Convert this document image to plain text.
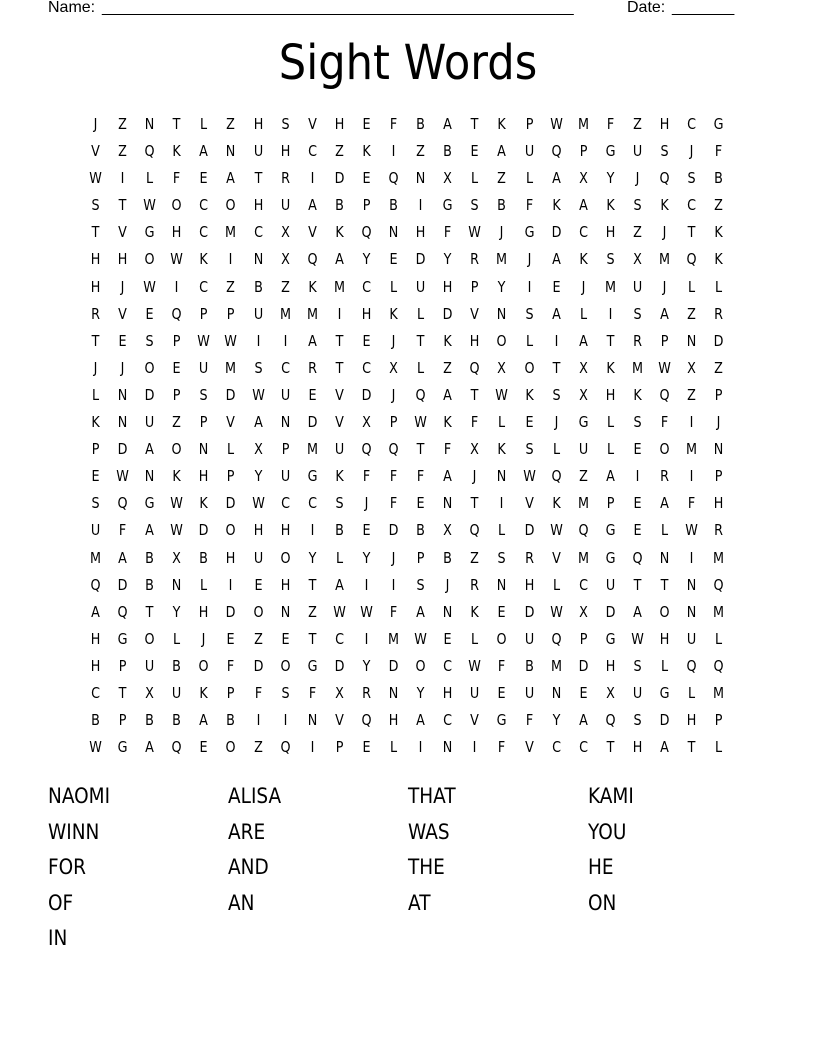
Name: _____________________________________________________	Date: _______
Sight Words
J	Z	N	T	L	Z	H	S	V	H	E	F	B	A	T	K	P	W	M	F	Z	H	C	G
V	Z	Q	K	A	N	U	H	C	Z	K	I	Z	B	E	A	U	Q	P	G	U	S	J	F
W	I	L	F	E	A	T	R	I	D	E	Q	N	X	L	Z	L	A	X	Y	J	Q	S	B
S	T	W	O	C	O	H	U	A	B	P	B	I	G	S	B	F	K	A	K	S	K	C	Z
T	V	G	H	C	M	C	X	V	K	Q	N	H	F	W	J	G	D	C	H	Z	J	T	K
H	H	O	W	K	I	N	X	Q	A	Y	E	D	Y	R	M	J	A	K	S	X	M	Q	K
H	J	W	I	C	Z	B	Z	K	M	C	L	U	H	P	Y	I	E	J	M	U	J	L	L
R	V	E	Q	P	P	U	M	M	I	H	K	L	D	V	N	S	A	L	I	S	A	Z	R
T	E	S	P	W W	I	I	A	T	E	J	T	K	H	O	L	I	A	T	R	P	N	D
J	J	O	E	U	M	S	C	R	T	C	X	L	Z	Q	X	O	T	X	K	M	W	X	Z
L	N	D	P	S	D	W	U	E	V	D	J	Q	A	T	W	K	S	X	H	K	Q	Z	P
K	N	U	Z	P	V	A	N	D	V	X	P	W	K	F	L	E	J	G	L	S	F	I	J
P	D	A	O	N	L	X	P	M	U	Q	Q	T	F	X	K	S	L	U	L	E	O	M	N
E	W	N	K	H	P	Y	U	G	K	F	F	F	A	J	N	W	Q	Z	A	I	R	I	P
S	Q	G	W	K	D	W	C	C	S	J	F	E	N	T	I	V	K	M	P	E	A	F	H
U	F	A	W	D	O	H	H	I	B	E	D	B	X	Q	L	D	W	Q	G	E	L	W	R
M	A	B	X	B	H	U	O	Y	L	Y	J	P	B	Z	S	R	V	M	G	Q	N	I	M
Q	D	B	N	L	I	E	H	T	A	I	I	S	J	R	N	H	L	C	U	T	T	N	Q
A	Q	T	Y	H	D	O	N	Z	W W	F	A	N	K	E	D	W	X	D	A	O	N	M
H	G	O	L	J	E	Z	E	T	C	I	M	W	E	L	O	U	Q	P	G	W	H	U	L
H	P	U	B	O	F	D	O	G	D	Y	D	O	C	W	F	B	M	D	H	S	L	Q	Q
C	T	X	U	K	P	F	S	F	X	R	N	Y	H	U	E	U	N	E	X	U	G	L	M
B	P	B	B	A	B	I	I	N	V	Q	H	A	C	V	G	F	Y	A	Q	S	D	H	P
W	G	A	Q	E	O	Z	Q	I	P	E	L	I	N	I	F	V	C	C	T	H	A	T	L
NAOMI	ALISA	THAT	KAMI
WINN	ARE	WAS	YOU
FOR	AND	THE	HE
OF	AN	AT	ON
IN
